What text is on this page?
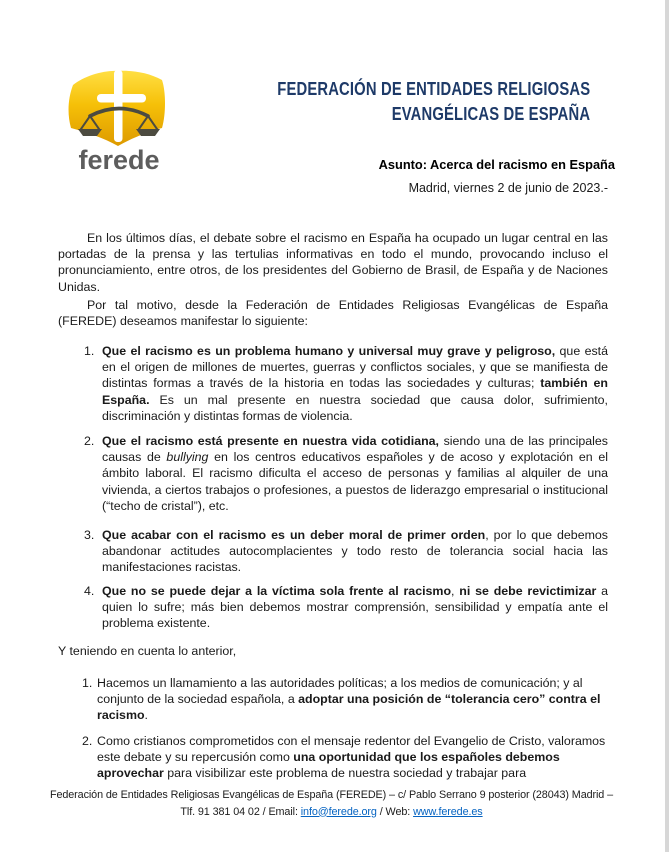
ferede
FEDERACIÓN DE ENTIDADES RELIGIOSAS
EVANGÉLICAS DE ESPAÑA
Asunto: Acerca del racismo en España
Madrid, viernes 2 de junio de 2023.-
En los últimos días, el debate sobre el racismo en España ha ocupado un lugar central en las portadas de la prensa y las tertulias informativas en todo el mundo, provocando incluso el pronunciamiento, entre otros, de los presidentes del Gobierno de Brasil, de España y de Naciones Unidas.
Por tal motivo, desde la Federación de Entidades Religiosas Evangélicas de España (FEREDE) deseamos manifestar lo siguiente:
1. Que el racismo es un problema humano y universal muy grave y peligroso, que está en el origen de millones de muertes, guerras y conflictos sociales, y que se manifiesta de distintas formas a través de la historia en todas las sociedades y culturas; también en España. Es un mal presente en nuestra sociedad que causa dolor, sufrimiento, discriminación y distintas formas de violencia.
2. Que el racismo está presente en nuestra vida cotidiana, siendo una de las principales causas de bullying en los centros educativos españoles y de acoso y explotación en el ámbito laboral. El racismo dificulta el acceso de personas y familias al alquiler de una vivienda, a ciertos trabajos o profesiones, a puestos de liderazgo empresarial o institucional (“techo de cristal”), etc.
3. Que acabar con el racismo es un deber moral de primer orden, por lo que debemos abandonar actitudes autocomplacientes y todo resto de tolerancia social hacia las manifestaciones racistas.
4. Que no se puede dejar a la víctima sola frente al racismo, ni se debe revictimizar a quien lo sufre; más bien debemos mostrar comprensión, sensibilidad y empatía ante el problema existente.
Y teniendo en cuenta lo anterior,
1. Hacemos un llamamiento a las autoridades políticas; a los medios de comunicación; y al conjunto de la sociedad española, a adoptar una posición de “tolerancia cero” contra el racismo.
2. Como cristianos comprometidos con el mensaje redentor del Evangelio de Cristo, valoramos este debate y su repercusión como una oportunidad que los españoles debemos aprovechar para visibilizar este problema de nuestra sociedad y trabajar para
Federación de Entidades Religiosas Evangélicas de España (FEREDE) – c/ Pablo Serrano 9 posterior (28043) Madrid –
Tlf. 91 381 04 02 / Email: info@ferede.org / Web: www.ferede.es
